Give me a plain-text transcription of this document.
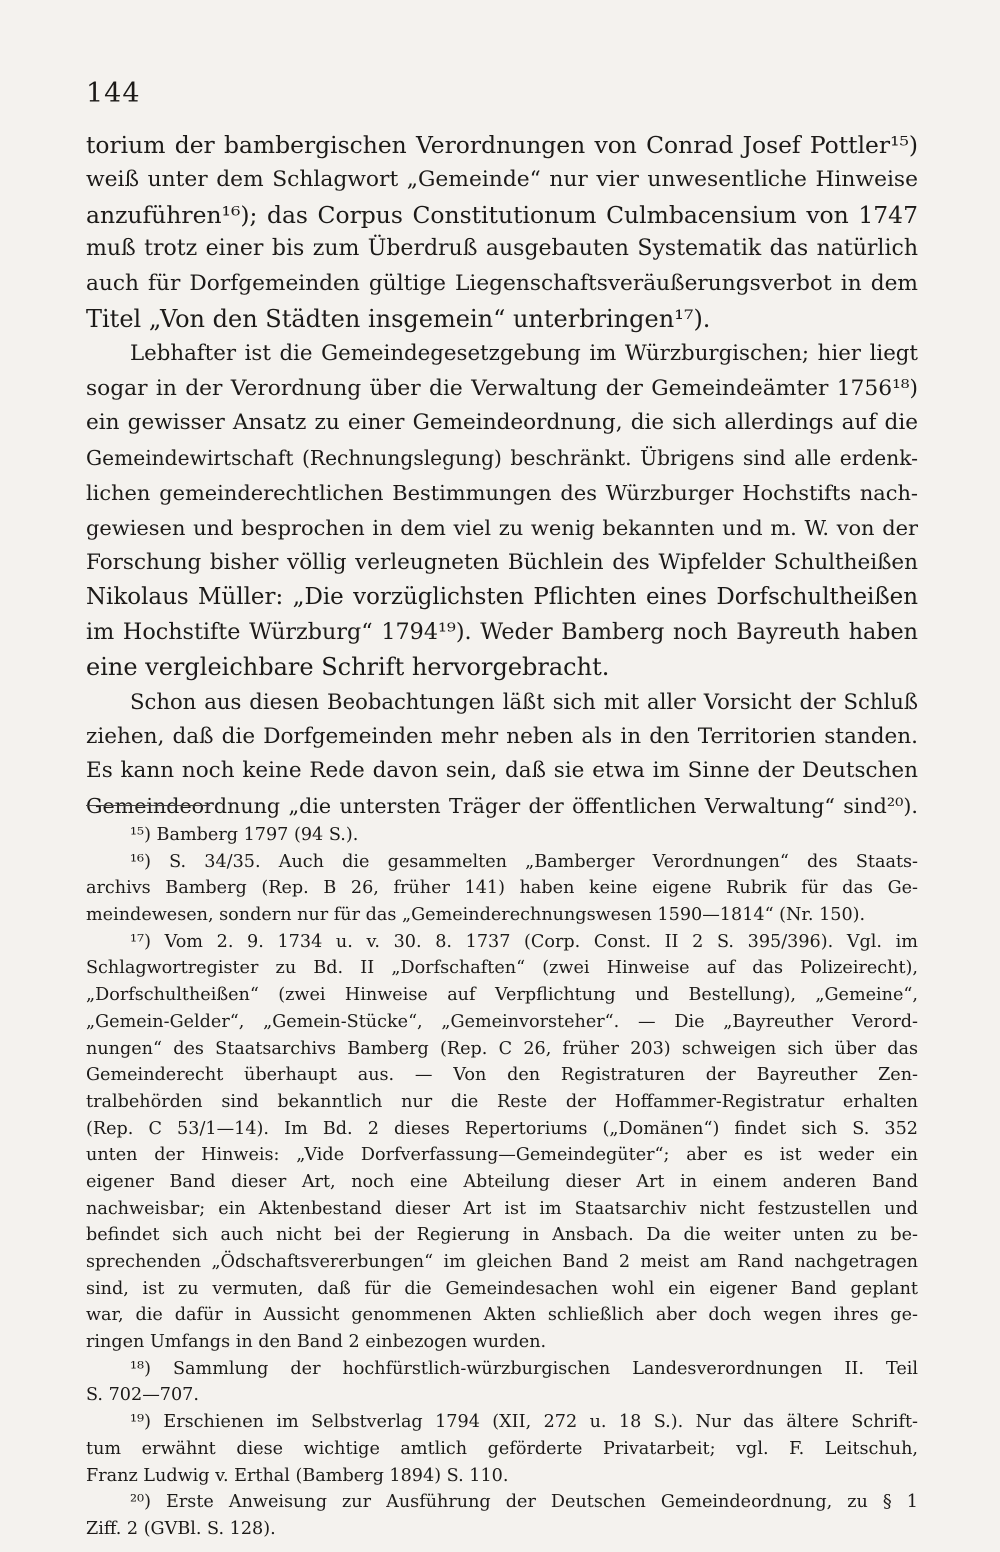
144
torium der bambergischen Verordnungen von Conrad Josef Pottler¹⁵)
weiß unter dem Schlagwort „Gemeinde“ nur vier unwesentliche Hinweise
anzuführen¹⁶); das Corpus Constitutionum Culmbacensium von 1747
muß trotz einer bis zum Überdruß ausgebauten Systematik das natürlich
auch für Dorfgemeinden gültige Liegenschaftsveräußerungsverbot in dem
Titel „Von den Städten insgemein“ unterbringen¹⁷).
Lebhafter ist die Gemeindegesetzgebung im Würzburgischen; hier liegt
sogar in der Verordnung über die Verwaltung der Gemeindeämter 1756¹⁸)
ein gewisser Ansatz zu einer Gemeindeordnung, die sich allerdings auf die
Gemeindewirtschaft (Rechnungslegung) beschränkt. Übrigens sind alle erdenk-
lichen gemeinderechtlichen Bestimmungen des Würzburger Hochstifts nach-
gewiesen und besprochen in dem viel zu wenig bekannten und m. W. von der
Forschung bisher völlig verleugneten Büchlein des Wipfelder Schultheißen
Nikolaus Müller: „Die vorzüglichsten Pflichten eines Dorfschultheißen
im Hochstifte Würzburg“ 1794¹⁹). Weder Bamberg noch Bayreuth haben
eine vergleichbare Schrift hervorgebracht.
Schon aus diesen Beobachtungen läßt sich mit aller Vorsicht der Schluß
ziehen, daß die Dorfgemeinden mehr neben als in den Territorien standen.
Es kann noch keine Rede davon sein, daß sie etwa im Sinne der Deutschen
Gemeindeordnung „die untersten Träger der öffentlichen Verwaltung“ sind²⁰).
¹⁵) Bamberg 1797 (94 S.).
¹⁶) S. 34/35. Auch die gesammelten „Bamberger Verordnungen“ des Staats-
archivs Bamberg (Rep. B 26, früher 141) haben keine eigene Rubrik für das Ge-
meindewesen, sondern nur für das „Gemeinderechnungswesen 1590—1814“ (Nr. 150).
¹⁷) Vom 2. 9. 1734 u. v. 30. 8. 1737 (Corp. Const. II 2 S. 395/396). Vgl. im
Schlagwortregister zu Bd. II „Dorfschaften“ (zwei Hinweise auf das Polizeirecht),
„Dorfschultheißen“ (zwei Hinweise auf Verpflichtung und Bestellung), „Gemeine“,
„Gemein-Gelder“, „Gemein-Stücke“, „Gemeinvorsteher“. — Die „Bayreuther Verord-
nungen“ des Staatsarchivs Bamberg (Rep. C 26, früher 203) schweigen sich über das
Gemeinderecht überhaupt aus. — Von den Registraturen der Bayreuther Zen-
tralbehörden sind bekanntlich nur die Reste der Hoffammer-Registratur erhalten
(Rep. C 53/1—14). Im Bd. 2 dieses Repertoriums („Domänen“) findet sich S. 352
unten der Hinweis: „Vide Dorfverfassung—Gemeindegüter“; aber es ist weder ein
eigener Band dieser Art, noch eine Abteilung dieser Art in einem anderen Band
nachweisbar; ein Aktenbestand dieser Art ist im Staatsarchiv nicht festzustellen und
befindet sich auch nicht bei der Regierung in Ansbach. Da die weiter unten zu be-
sprechenden „Ödschaftsvererbungen“ im gleichen Band 2 meist am Rand nachgetragen
sind, ist zu vermuten, daß für die Gemeindesachen wohl ein eigener Band geplant
war, die dafür in Aussicht genommenen Akten schließlich aber doch wegen ihres ge-
ringen Umfangs in den Band 2 einbezogen wurden.
¹⁸) Sammlung der hochfürstlich-würzburgischen Landesverordnungen II. Teil
S. 702—707.
¹⁹) Erschienen im Selbstverlag 1794 (XII, 272 u. 18 S.). Nur das ältere Schrift-
tum erwähnt diese wichtige amtlich geförderte Privatarbeit; vgl. F. Leitschuh,
Franz Ludwig v. Erthal (Bamberg 1894) S. 110.
²⁰) Erste Anweisung zur Ausführung der Deutschen Gemeindeordnung, zu § 1
Ziff. 2 (GVBl. S. 128).
